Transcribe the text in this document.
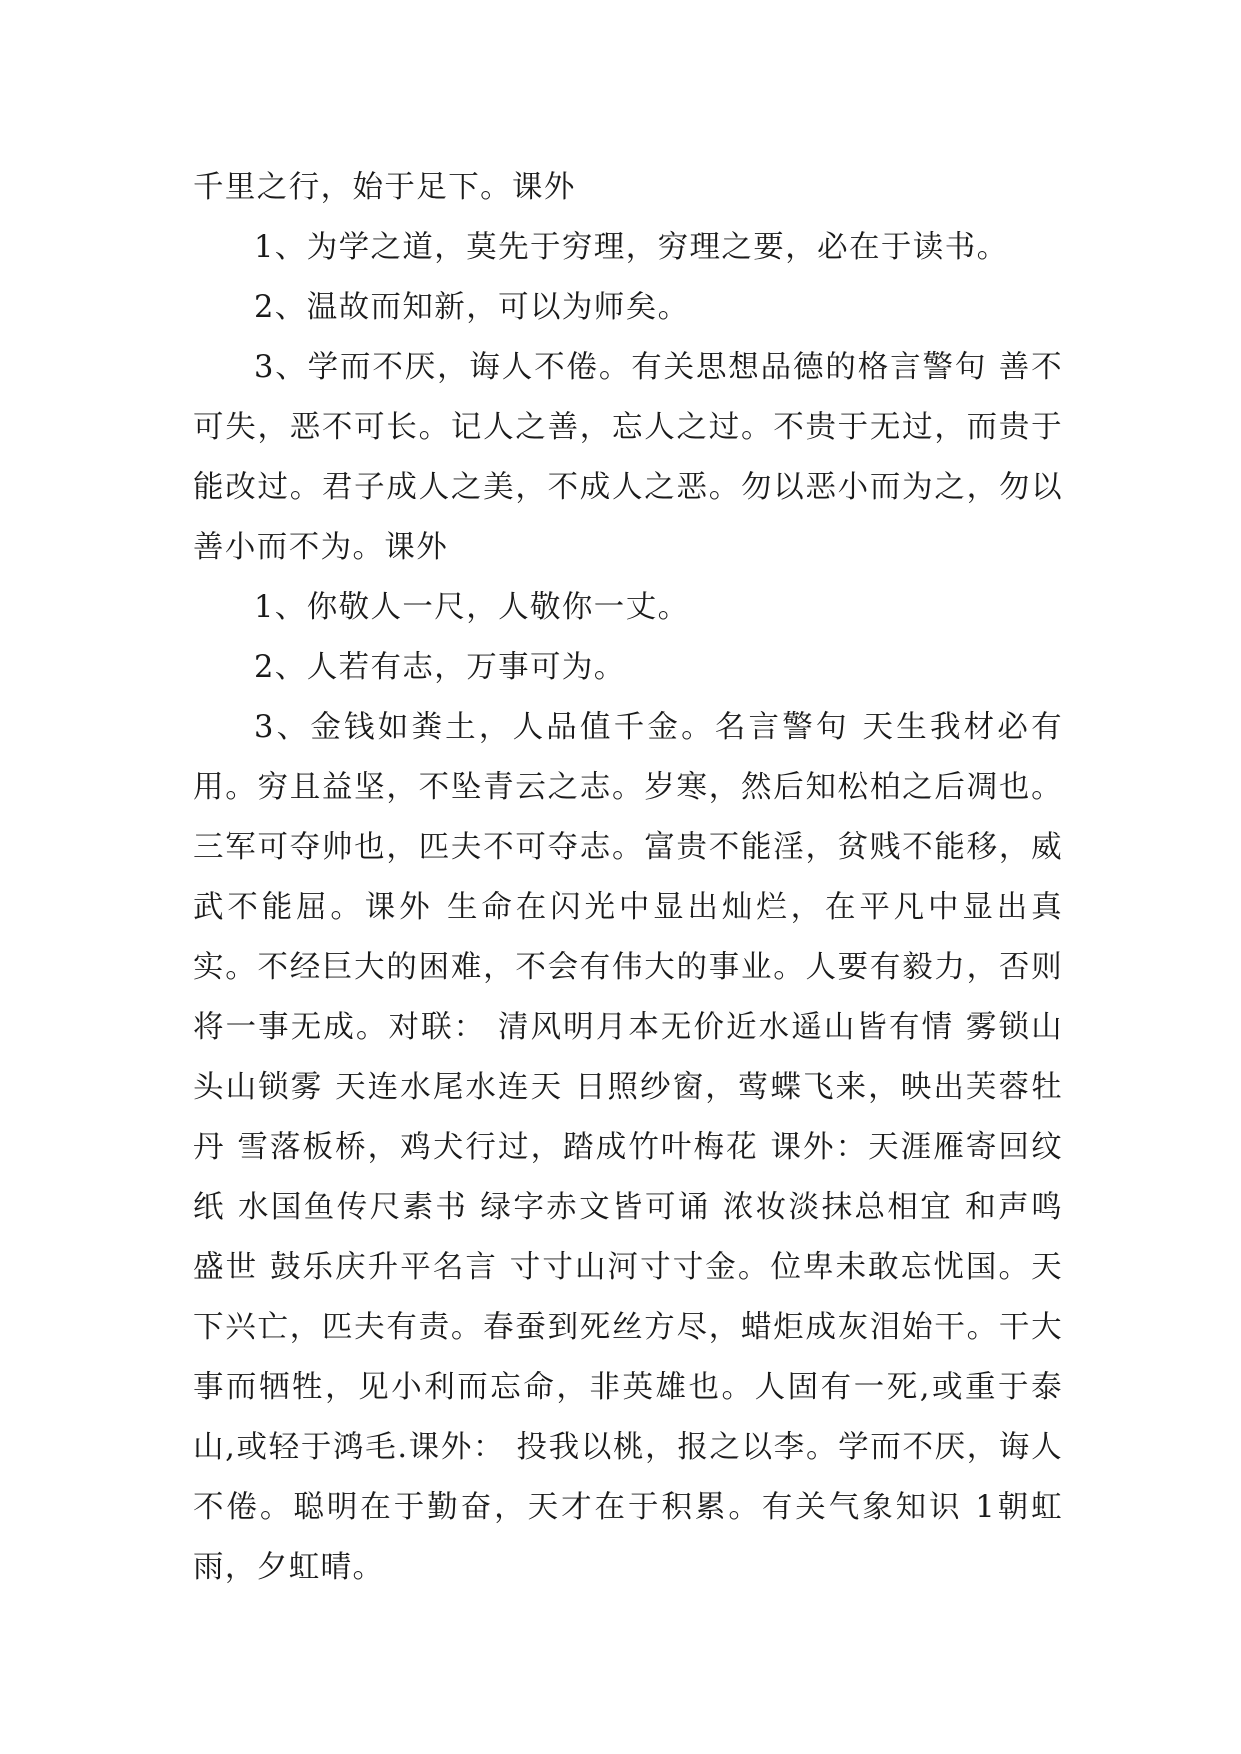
千里之行，始于足下。课外

1、为学之道，莫先于穷理，穷理之要，必在于读书。

2、温故而知新，可以为师矣。

3、学而不厌，诲人不倦。有关思想品德的格言警句 善不可失，恶不可长。记人之善，忘人之过。不贵于无过，而贵于能改过。君子成人之美，不成人之恶。勿以恶小而为之，勿以善小而不为。课外

1、你敬人一尺，人敬你一丈。

2、人若有志，万事可为。

3、金钱如粪土，人品值千金。名言警句 天生我材必有用。穷且益坚，不坠青云之志。岁寒，然后知松柏之后凋也。三军可夺帅也，匹夫不可夺志。富贵不能淫，贫贱不能移，威武不能屈。课外 生命在闪光中显出灿烂，在平凡中显出真实。不经巨大的困难，不会有伟大的事业。人要有毅力，否则将一事无成。对联： 清风明月本无价近水遥山皆有情 雾锁山头山锁雾 天连水尾水连天 日照纱窗，莺蝶飞来，映出芙蓉牡丹 雪落板桥，鸡犬行过，踏成竹叶梅花 课外：天涯雁寄回纹纸 水国鱼传尺素书 绿字赤文皆可诵 浓妆淡抹总相宜 和声鸣盛世 鼓乐庆升平名言 寸寸山河寸寸金。位卑未敢忘忧国。天下兴亡，匹夫有责。春蚕到死丝方尽，蜡炬成灰泪始干。干大事而牺牲，见小利而忘命，非英雄也。人固有一死,或重于泰山,或轻于鸿毛.课外： 投我以桃，报之以李。学而不厌，诲人不倦。聪明在于勤奋，天才在于积累。有关气象知识 1朝虹雨，夕虹晴。
